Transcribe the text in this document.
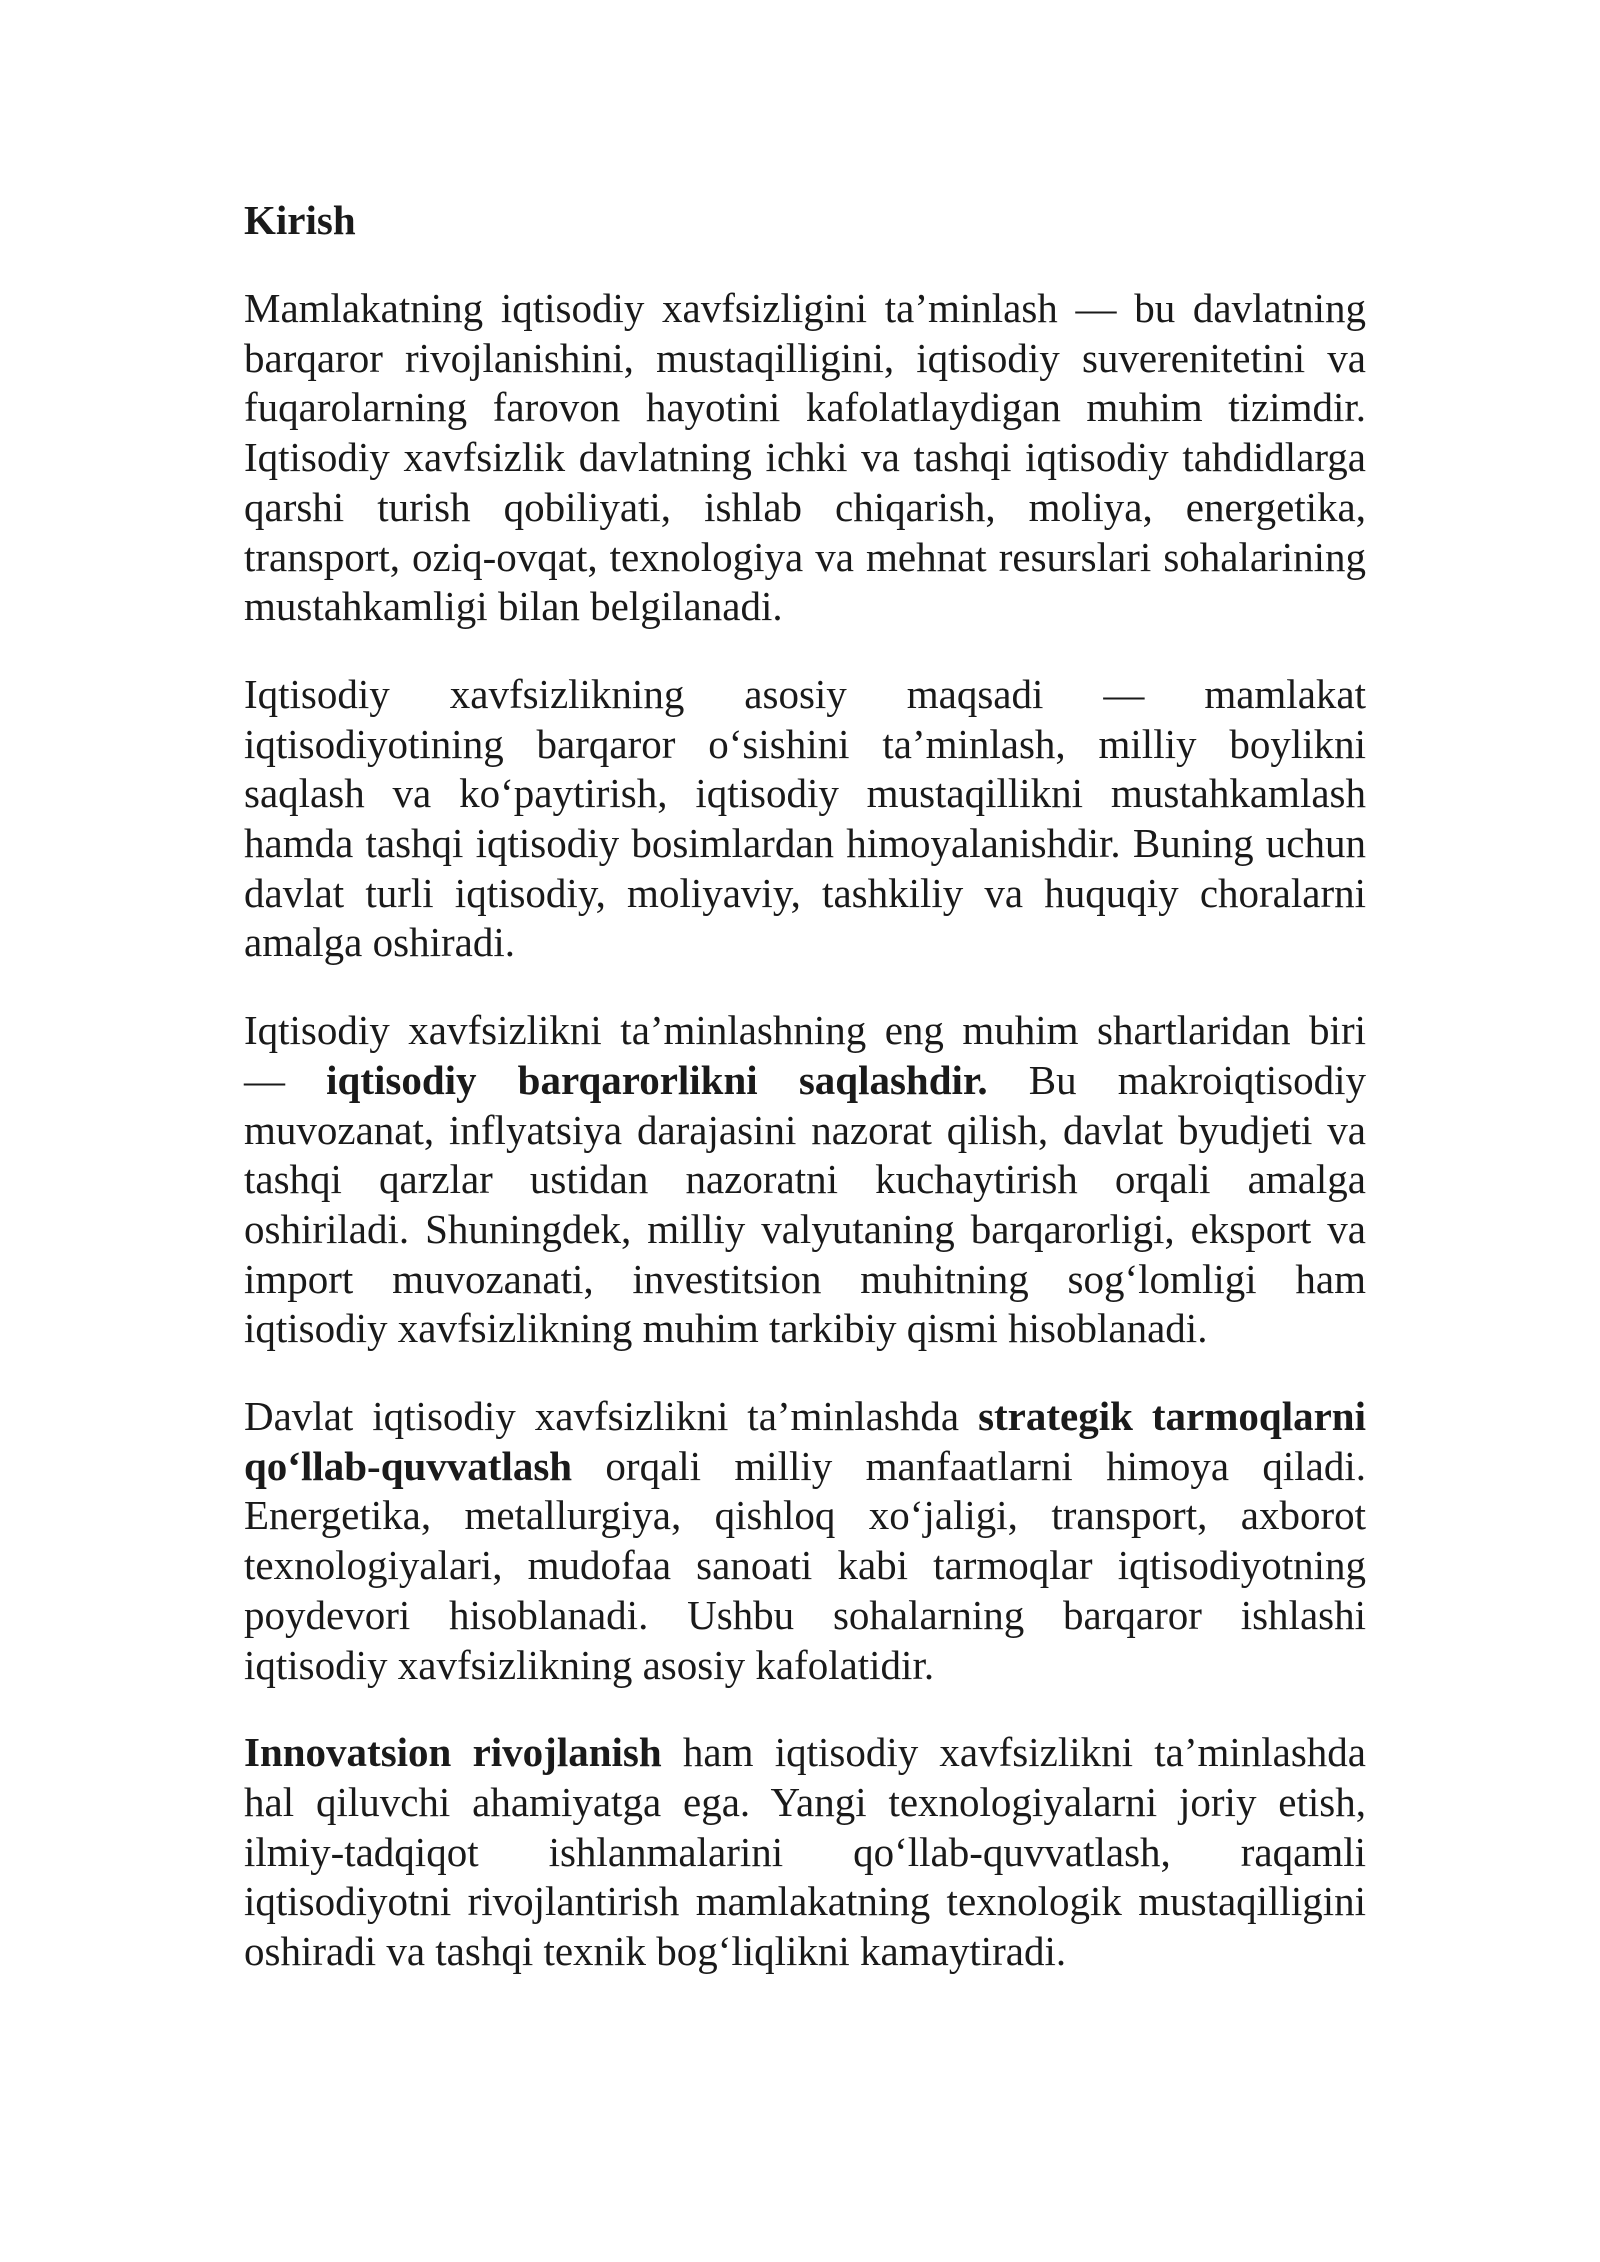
Kirish

Mamlakatning iqtisodiy xavfsizligini ta’minlash — bu davlatning barqaror rivojlanishini, mustaqilligini, iqtisodiy suverenitetini va fuqarolarning farovon hayotini kafolatlaydigan muhim tizimdir. Iqtisodiy xavfsizlik davlatning ichki va tashqi iqtisodiy tahdidlarga qarshi turish qobiliyati, ishlab chiqarish, moliya, energetika, transport, oziq-ovqat, texnologiya va mehnat resurslari sohalarining mustahkamligi bilan belgilanadi.

Iqtisodiy xavfsizlikning asosiy maqsadi — mamlakat iqtisodiyotining barqaror o‘sishini ta’minlash, milliy boylikni saqlash va ko‘paytirish, iqtisodiy mustaqillikni mustahkamlash hamda tashqi iqtisodiy bosimlardan himoyalanishdir. Buning uchun davlat turli iqtisodiy, moliyaviy, tashkiliy va huquqiy choralarni amalga oshiradi.

Iqtisodiy xavfsizlikni ta’minlashning eng muhim shartlaridan biri — iqtisodiy barqarorlikni saqlashdir. Bu makroiqtisodiy muvozanat, inflyatsiya darajasini nazorat qilish, davlat byudjeti va tashqi qarzlar ustidan nazoratni kuchaytirish orqali amalga oshiriladi. Shuningdek, milliy valyutaning barqarorligi, eksport va import muvozanati, investitsion muhitning sog‘lomligi ham iqtisodiy xavfsizlikning muhim tarkibiy qismi hisoblanadi.

Davlat iqtisodiy xavfsizlikni ta’minlashda strategik tarmoqlarni qo‘llab-quvvatlash orqali milliy manfaatlarni himoya qiladi. Energetika, metallurgiya, qishloq xo‘jaligi, transport, axborot texnologiyalari, mudofaa sanoati kabi tarmoqlar iqtisodiyotning poydevori hisoblanadi. Ushbu sohalarning barqaror ishlashi iqtisodiy xavfsizlikning asosiy kafolatidir.

Innovatsion rivojlanish ham iqtisodiy xavfsizlikni ta’minlashda hal qiluvchi ahamiyatga ega. Yangi texnologiyalarni joriy etish, ilmiy-tadqiqot ishlanmalarini qo‘llab-quvvatlash, raqamli iqtisodiyotni rivojlantirish mamlakatning texnologik mustaqilligini oshiradi va tashqi texnik bog‘liqlikni kamaytiradi.
